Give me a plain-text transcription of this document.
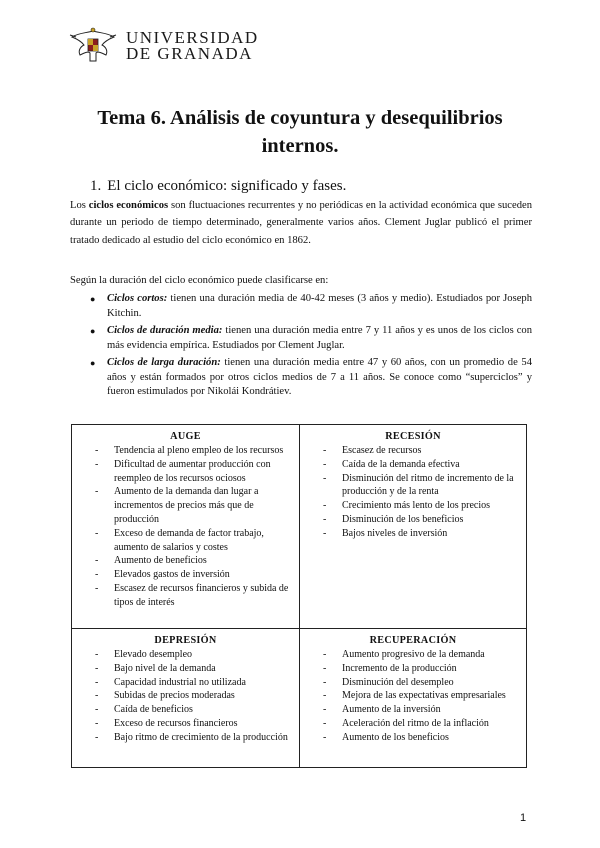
UNIVERSIDAD
DE GRANADA
Tema 6. Análisis de coyuntura y desequilibrios internos.
1. El ciclo económico: significado y fases.
Los ciclos económicos son fluctuaciones recurrentes y no periódicas en la actividad económica que suceden durante un periodo de tiempo determinado, generalmente varios años. Clement Juglar publicó el primer tratado dedicado al estudio del ciclo económico en 1862.
Según la duración del ciclo económico puede clasificarse en:
● Ciclos cortos: tienen una duración media de 40-42 meses (3 años y medio). Estudiados por Joseph Kitchin.
● Ciclos de duración media: tienen una duración media entre 7 y 11 años y es unos de los ciclos con más evidencia empírica. Estudiados por Clement Juglar.
● Ciclos de larga duración: tienen una duración media entre 47 y 60 años, con un promedio de 54 años y están formados por otros ciclos medios de 7 a 11 años. Se conoce como “superciclos” y fueron estimulados por Nikolái Kondrátiev.
AUGE
- Tendencia al pleno empleo de los recursos
- Dificultad de aumentar producción con reempleo de los recursos ociosos
- Aumento de la demanda dan lugar a incrementos de precios más que de producción
- Exceso de demanda de factor trabajo, aumento de salarios y costes
- Aumento de beneficios
- Elevados gastos de inversión
- Escasez de recursos financieros y subida de tipos de interés
RECESIÓN
- Escasez de recursos
- Caída de la demanda efectiva
- Disminución del ritmo de incremento de la producción y de la renta
- Crecimiento más lento de los precios
- Disminución de los beneficios
- Bajos niveles de inversión
DEPRESIÓN
- Elevado desempleo
- Bajo nivel de la demanda
- Capacidad industrial no utilizada
- Subidas de precios moderadas
- Caída de beneficios
- Exceso de recursos financieros
- Bajo ritmo de crecimiento de la producción
RECUPERACIÓN
- Aumento progresivo de la demanda
- Incremento de la producción
- Disminución del desempleo
- Mejora de las expectativas empresariales
- Aumento de la inversión
- Aceleración del ritmo de la inflación
- Aumento de los beneficios
1
